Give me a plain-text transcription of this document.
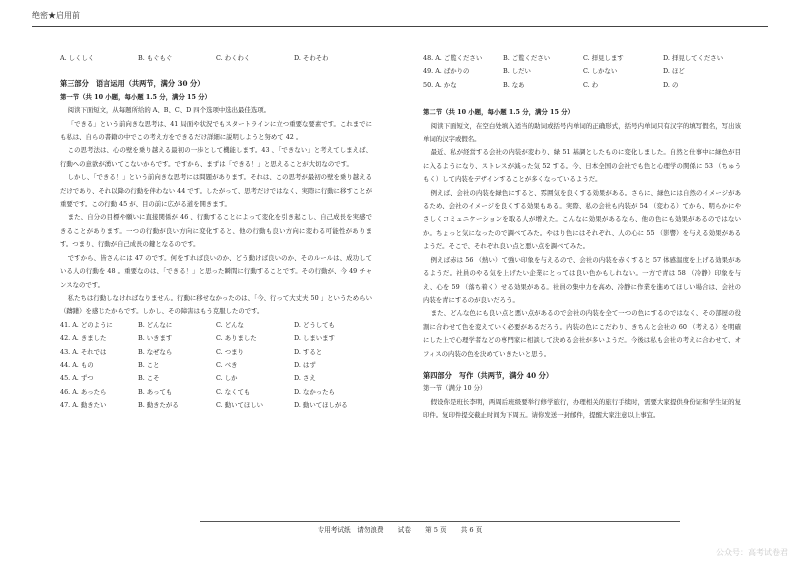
绝密★启用前
A. しくしく	B. もぐもぐ	C. わくわく	D. そわそわ
第三部分　语言运用（共两节，满分 30 分）
第一节（共 10 小题，每小题 1.5 分，满分 15 分）
阅读下面短文，从每题所给的 A、B、C、D 四个选项中选出最佳选项。
「できる」という前向きな思考は、41 局面や状況でもスタートラインに立つ重要な要素です。これまでにも私は、自らの書籍の中でこの考え方をできるだけ詳細に説明しようと努めて 42 。
この思考法は、心の壁を乗り越える最初の一歩として機能します。43 、「できない」と考えてしまえば、行動への意欲が湧いてこないからです。ですから、まずは「できる！」と思えることが大切なのです。
しかし、「できる！」という前向きな思考には問題があります。それは、この思考が最初の壁を乗り越えるだけであり、それ以降の行動を伴わない 44 です。したがって、思考だけではなく、実際に行動に移すことが重要です。この行動 45 が、目の前に広がる道を開きます。
また、自分の目標や願いに直接関係が 46 、行動することによって変化を引き起こし、自己成長を実感できることがあります。一つの行動が良い方向に変化すると、他の行動も良い方向に変わる可能性があります。つまり、行動が自己成長の鍵となるのです。
ですから、皆さんには 47 のです。何をすれば良いのか、どう動けば良いのか、そのルールは、成功している人の行動を 48 。重要なのは、「できる！」と思った瞬間に行動することです。その行動が、今 49 チャンスなのです。
私たちは行動しなければなりません。行動に移せなかったのは、「今、行って大丈夫 50 」というためらい（躊躇）を感じたからです。しかし、その障害はもう克服したのです。
41. A. どのように	B. どんなに	C. どんな	D. どうしても
42. A. きました	B. いきます	C. ありました	D. しまいます
43. A. それでは	B. なぜなら	C. つまり	D. すると
44. A. もの	B. こと	C. べき	D. はず
45. A. ずつ	B. こそ	C. しか	D. さえ
46. A. あったら	B. あっても	C. なくても	D. なかったら
47. A. 動きたい	B. 動きたがる	C. 動いてほしい	D. 動いてほしがる
48. A. ご覧ください	B. ご覧ください	C. 拝見します	D. 拝見してください
49. A. ばかりの	B. しだい	C. しかない	D. ほど
50. A. かな	B. なあ	C. わ	D. の
第二节（共 10 小题，每小题 1.5 分，满分 15 分）
阅读下面短文，在空白处填入适当的助词或括号内单词的正确形式，括号内单词只有汉字的填写假名，写出该单词的汉字或假名。
最近、私が経営する会社の内装が変わり、緑 51 基調としたものに変化しました。自然と仕事中に緑色が目に入るようになり、ストレスが減った気 52 する。今、日本全国の会社でも色と心理学の関係に 53 （ちゅうもく）して内装をデザインすることが多くなっているようだ。
例えば、会社の内装を緑色にすると、雰囲気を良くする効果がある。さらに、緑色には自然のイメージがあるため、会社のイメージを良くする効果もある。実際、私の会社も内装が 54 （変わる）てから、明らかにやさしくコミュニケーションを取る人が増えた。こんなに効果があるなら、他の色にも効果があるのではないか。ちょっと気になったので調べてみた。やはり色にはそれぞれ、人の心に 55 （影響）を与える効果があるようだ。そこで、それぞれ良い点と悪い点を調べてみた。
例えば赤は 56 （熱い）て強い印象を与えるので、会社の内装を赤くすると 57 体感温度を上げる効果があるようだ。社員のやる気を上げたい企業にとっては良い色かもしれない。一方で青は 58 （冷静）印象を与え、心を 59 （落ち着く）せる効果がある。社員の集中力を高め、冷静に作業を進めてほしい場合は、会社の内装を青にするのが良いだろう。
また、どんな色にも良い点と悪い点があるので会社の内装を全て一つの色にするのではなく、その部屋の役割に合わせて色を変えていく必要があるだろう。内装の色にこだわり、きちんと会社の 60 （考える）を明確にした上で心理学者などの専門家に相談して決める会社が多いようだ。今後は私も会社の考えに合わせて、オフィスの内装の色を決めていきたいと思う。
第四部分　写作（共两节，满分 40 分）
第一节（满分 10 分）
假设你是班长李明，两周后班级要举行修学旅行，办理相关的旅行手续时，需要大家提供身份证和学生证的复印件。复印件提交截止时间为下周五。请你发送一封邮件，提醒大家注意以上事宜。
专用考试纸　请勿浪费 试卷 第 5 页 共 6 页
公众号：高考试卷君
